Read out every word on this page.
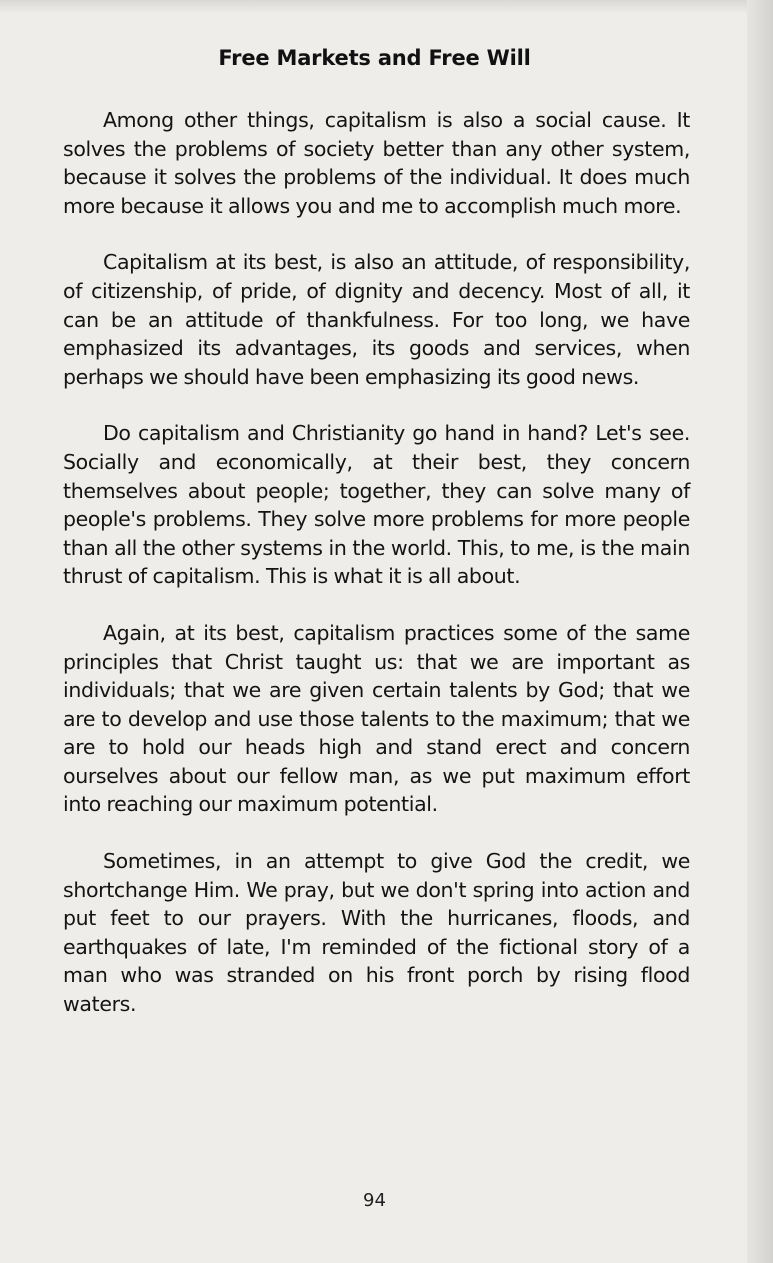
Free Markets and Free Will

Among other things, capitalism is also a social cause. It solves the problems of society better than any other system, because it solves the problems of the individual. It does much more because it allows you and me to accomplish much more.

Capitalism at its best, is also an attitude, of responsibility, of citizenship, of pride, of dignity and decency. Most of all, it can be an attitude of thankfulness. For too long, we have emphasized its advantages, its goods and services, when perhaps we should have been emphasizing its good news.

Do capitalism and Christianity go hand in hand? Let's see. Socially and economically, at their best, they concern themselves about people; together, they can solve many of people's problems. They solve more problems for more people than all the other systems in the world. This, to me, is the main thrust of capitalism. This is what it is all about.

Again, at its best, capitalism practices some of the same principles that Christ taught us: that we are important as individuals; that we are given certain talents by God; that we are to develop and use those talents to the maximum; that we are to hold our heads high and stand erect and concern ourselves about our fellow man, as we put maximum effort into reaching our maximum potential.

Sometimes, in an attempt to give God the credit, we shortchange Him. We pray, but we don't spring into action and put feet to our prayers. With the hurricanes, floods, and earthquakes of late, I'm reminded of the fictional story of a man who was stranded on his front porch by rising flood waters.

94
